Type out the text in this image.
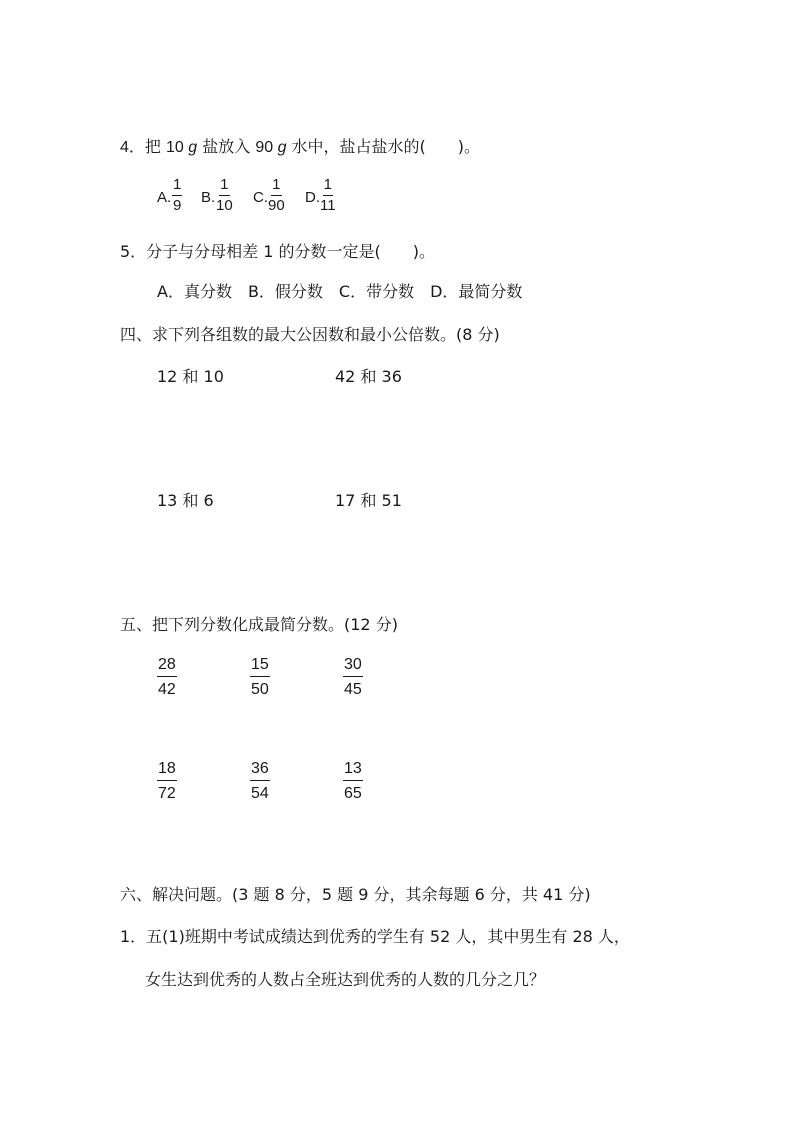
4．把 10 g 盐放入 90 g 水中，盐占盐水的(　　)。
A.
1
9 B.
1
10 C.
1
90 D.
1
11
5．分子与分母相差 1 的分数一定是(　　)。
A．真分数　B．假分数　C．带分数　D．最简分数
四、求下列各组数的最大公因数和最小公倍数。(8 分)
12 和 10	42 和 36
13 和 6	17 和 51
五、把下列分数化成最简分数。(12 分)
$\frac{28}{42}$	$\frac{15}{50}$	$\frac{30}{45}$
$\frac{18}{72}$	$\frac{36}{54}$	$\frac{13}{65}$
六、解决问题。(3 题 8 分，5 题 9 分，其余每题 6 分，共 41 分)
1．五(1)班期中考试成绩达到优秀的学生有 52 人，其中男生有 28 人，
女生达到优秀的人数占全班达到优秀的人数的几分之几？
